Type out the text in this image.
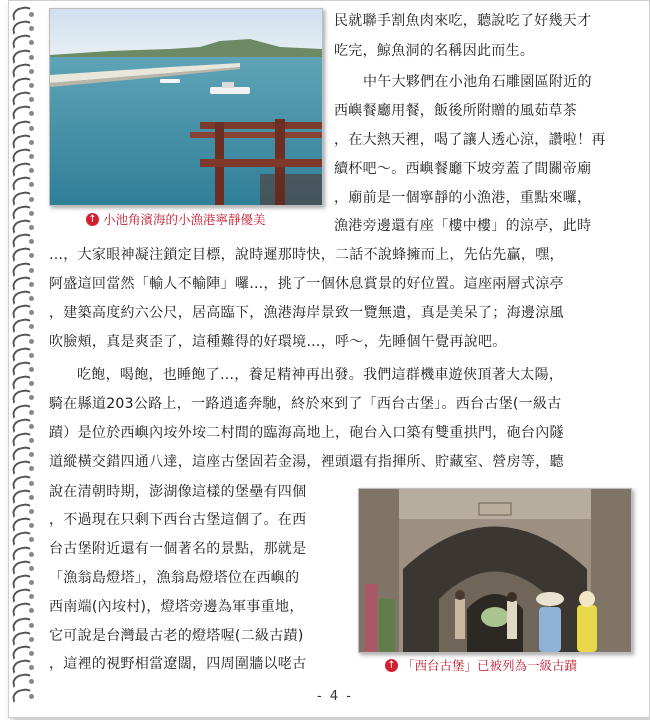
↑ 小池角濱海的小漁港寧靜優美
↑ 「西台古堡」已被列為一級古蹟
民就聯手割魚肉來吃，聽說吃了好幾天才
吃完，鯨魚洞的名稱因此而生。
中午大夥們在小池角石雕園區附近的
西嶼餐廳用餐，飯後所附贈的風茹草茶
，在大熱天裡，喝了讓人透心涼，讚啦！再
續杯吧～。西嶼餐廳下坡旁蓋了間關帝廟
，廟前是一個寧靜的小漁港，重點來囉，
漁港旁邊還有座「樓中樓」的涼亭，此時
…，大家眼神凝注鎖定目標，說時遲那時快，二話不說蜂擁而上，先佔先贏，嘿，
阿盛這回當然「輸人不輸陣」囉…，挑了一個休息賞景的好位置。這座兩層式涼亭
，建築高度約六公尺，居高臨下，漁港海岸景致一覽無遺，真是美呆了；海邊涼風
吹臉頰，真是爽歪了，這種難得的好環境…，呼～，先睡個午覺再說吧。
吃飽，喝飽，也睡飽了…，養足精神再出發。我們這群機車遊俠頂著大太陽，
騎在縣道203公路上，一路逍遙奔馳，終於來到了「西台古堡」。西台古堡(一級古
蹟）是位於西嶼內垵外垵二村間的臨海高地上，砲台入口築有雙重拱門，砲台內隧
道縱橫交錯四通八達，這座古堡固若金湯，裡頭還有指揮所、貯藏室、營房等，聽
說在清朝時期，澎湖像這樣的堡壘有四個
，不過現在只剩下西台古堡這個了。在西
台古堡附近還有一個著名的景點，那就是
「漁翁島燈塔」，漁翁島燈塔位在西嶼的
西南端(內垵村)，燈塔旁邊為軍事重地，
它可說是台灣最古老的燈塔喔(二級古蹟)
，這裡的視野相當遼闊，四周圍牆以咾古
- 4 -
